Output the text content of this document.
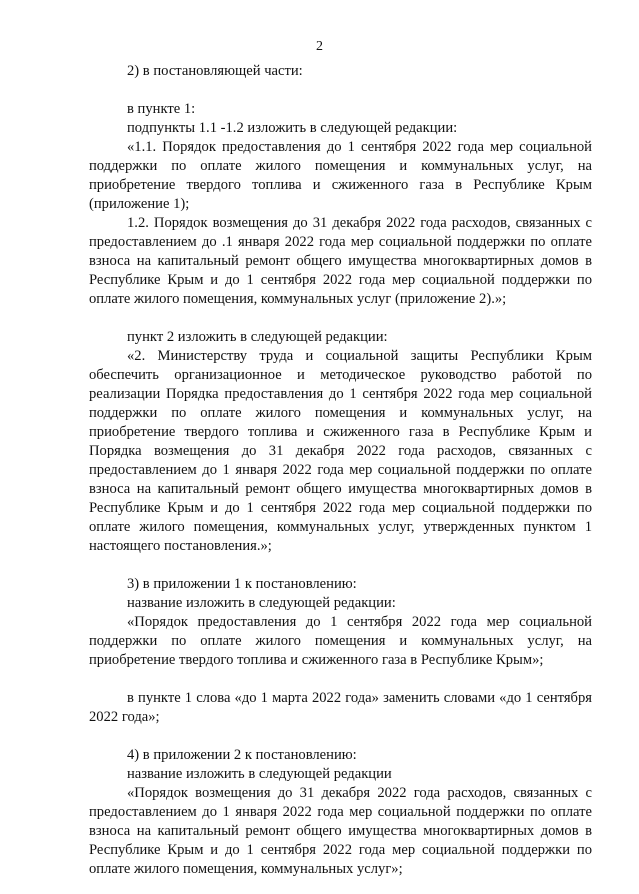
2

2) в постановляющей части:

в пункте 1:

подпункты 1.1 -1.2 изложить в следующей редакции:

«1.1. Порядок предоставления до 1 сентября 2022 года мер социальной поддержки по оплате жилого помещения и коммунальных услуг, на приобретение твердого топлива и сжиженного газа в Республике Крым (приложение 1);

1.2. Порядок возмещения до 31 декабря 2022 года расходов, связанных с предоставлением до .1 января 2022 года мер социальной поддержки по оплате взноса на капитальный ремонт общего имущества многоквартирных домов в Республике Крым и до 1 сентября 2022 года мер социальной поддержки по оплате жилого помещения, коммунальных услуг (приложение 2).»;

пункт 2 изложить в следующей редакции:

«2. Министерству труда и социальной защиты Республики Крым обеспечить организационное и методическое руководство работой по реализации Порядка предоставления до 1 сентября 2022 года мер социальной поддержки по оплате жилого помещения и коммунальных услуг, на приобретение твердого топлива и сжиженного газа в Республике Крым и Порядка возмещения до 31 декабря 2022 года расходов, связанных с предоставлением до 1 января 2022 года мер социальной поддержки по оплате взноса на капитальный ремонт общего имущества многоквартирных домов в Республике Крым и до 1 сентября 2022 года мер социальной поддержки по оплате жилого помещения, коммунальных услуг, утвержденных пунктом 1 настоящего постановления.»;

3) в приложении 1 к постановлению:

название изложить в следующей редакции:

«Порядок предоставления до 1 сентября 2022 года мер социальной поддержки по оплате жилого помещения и коммунальных услуг, на приобретение твердого топлива и сжиженного газа в Республике Крым»;

в пункте 1 слова «до 1 марта 2022 года» заменить словами «до 1 сентября 2022 года»;

4) в приложении 2 к постановлению:

название изложить в следующей редакции

«Порядок возмещения до 31 декабря 2022 года расходов, связанных с предоставлением до 1 января 2022 года мер социальной поддержки по оплате взноса на капитальный ремонт общего имущества многоквартирных домов в Республике Крым и до 1 сентября 2022 года мер социальной поддержки по оплате жилого помещения, коммунальных услуг»;
